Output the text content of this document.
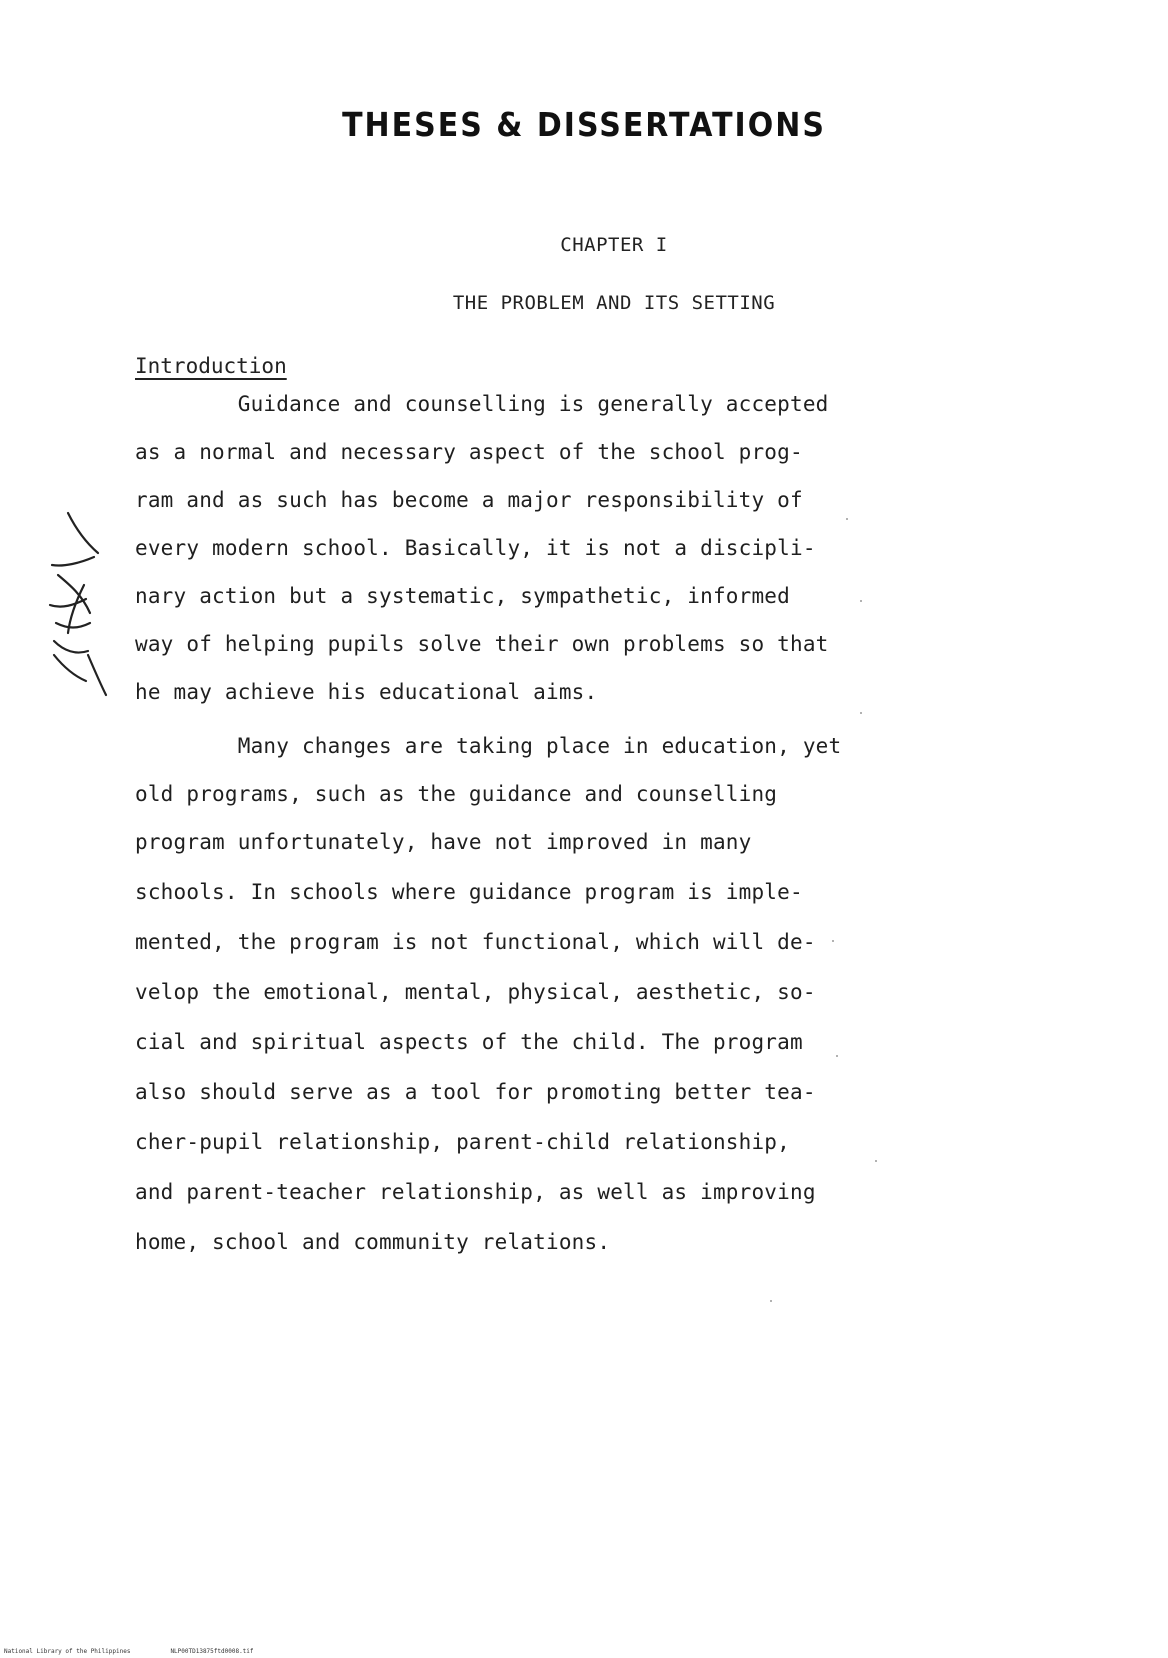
THESES & DISSERTATIONS
CHAPTER I
THE PROBLEM AND ITS SETTING
Introduction
Guidance and counselling is generally accepted
as a normal and necessary aspect of the school prog-
ram and as such has become a major responsibility of
every modern school. Basically, it is not a discipli-
nary action but a systematic, sympathetic, informed
way of helping pupils solve their own problems so that
he may achieve his educational aims.
Many changes are taking place in education, yet
old programs, such as the guidance and counselling
program unfortunately, have not improved in many
schools. In schools where guidance program is imple-
mented, the program is not functional, which will de-
velop the emotional, mental, physical, aesthetic, so-
cial and spiritual aspects of the child. The program
also should serve as a tool for promoting better tea-
cher-pupil relationship, parent-child relationship,
and parent-teacher relationship, as well as improving
home, school and community relations.
National Library of the Philippines	NLP00TD13875ftd0008.tif
